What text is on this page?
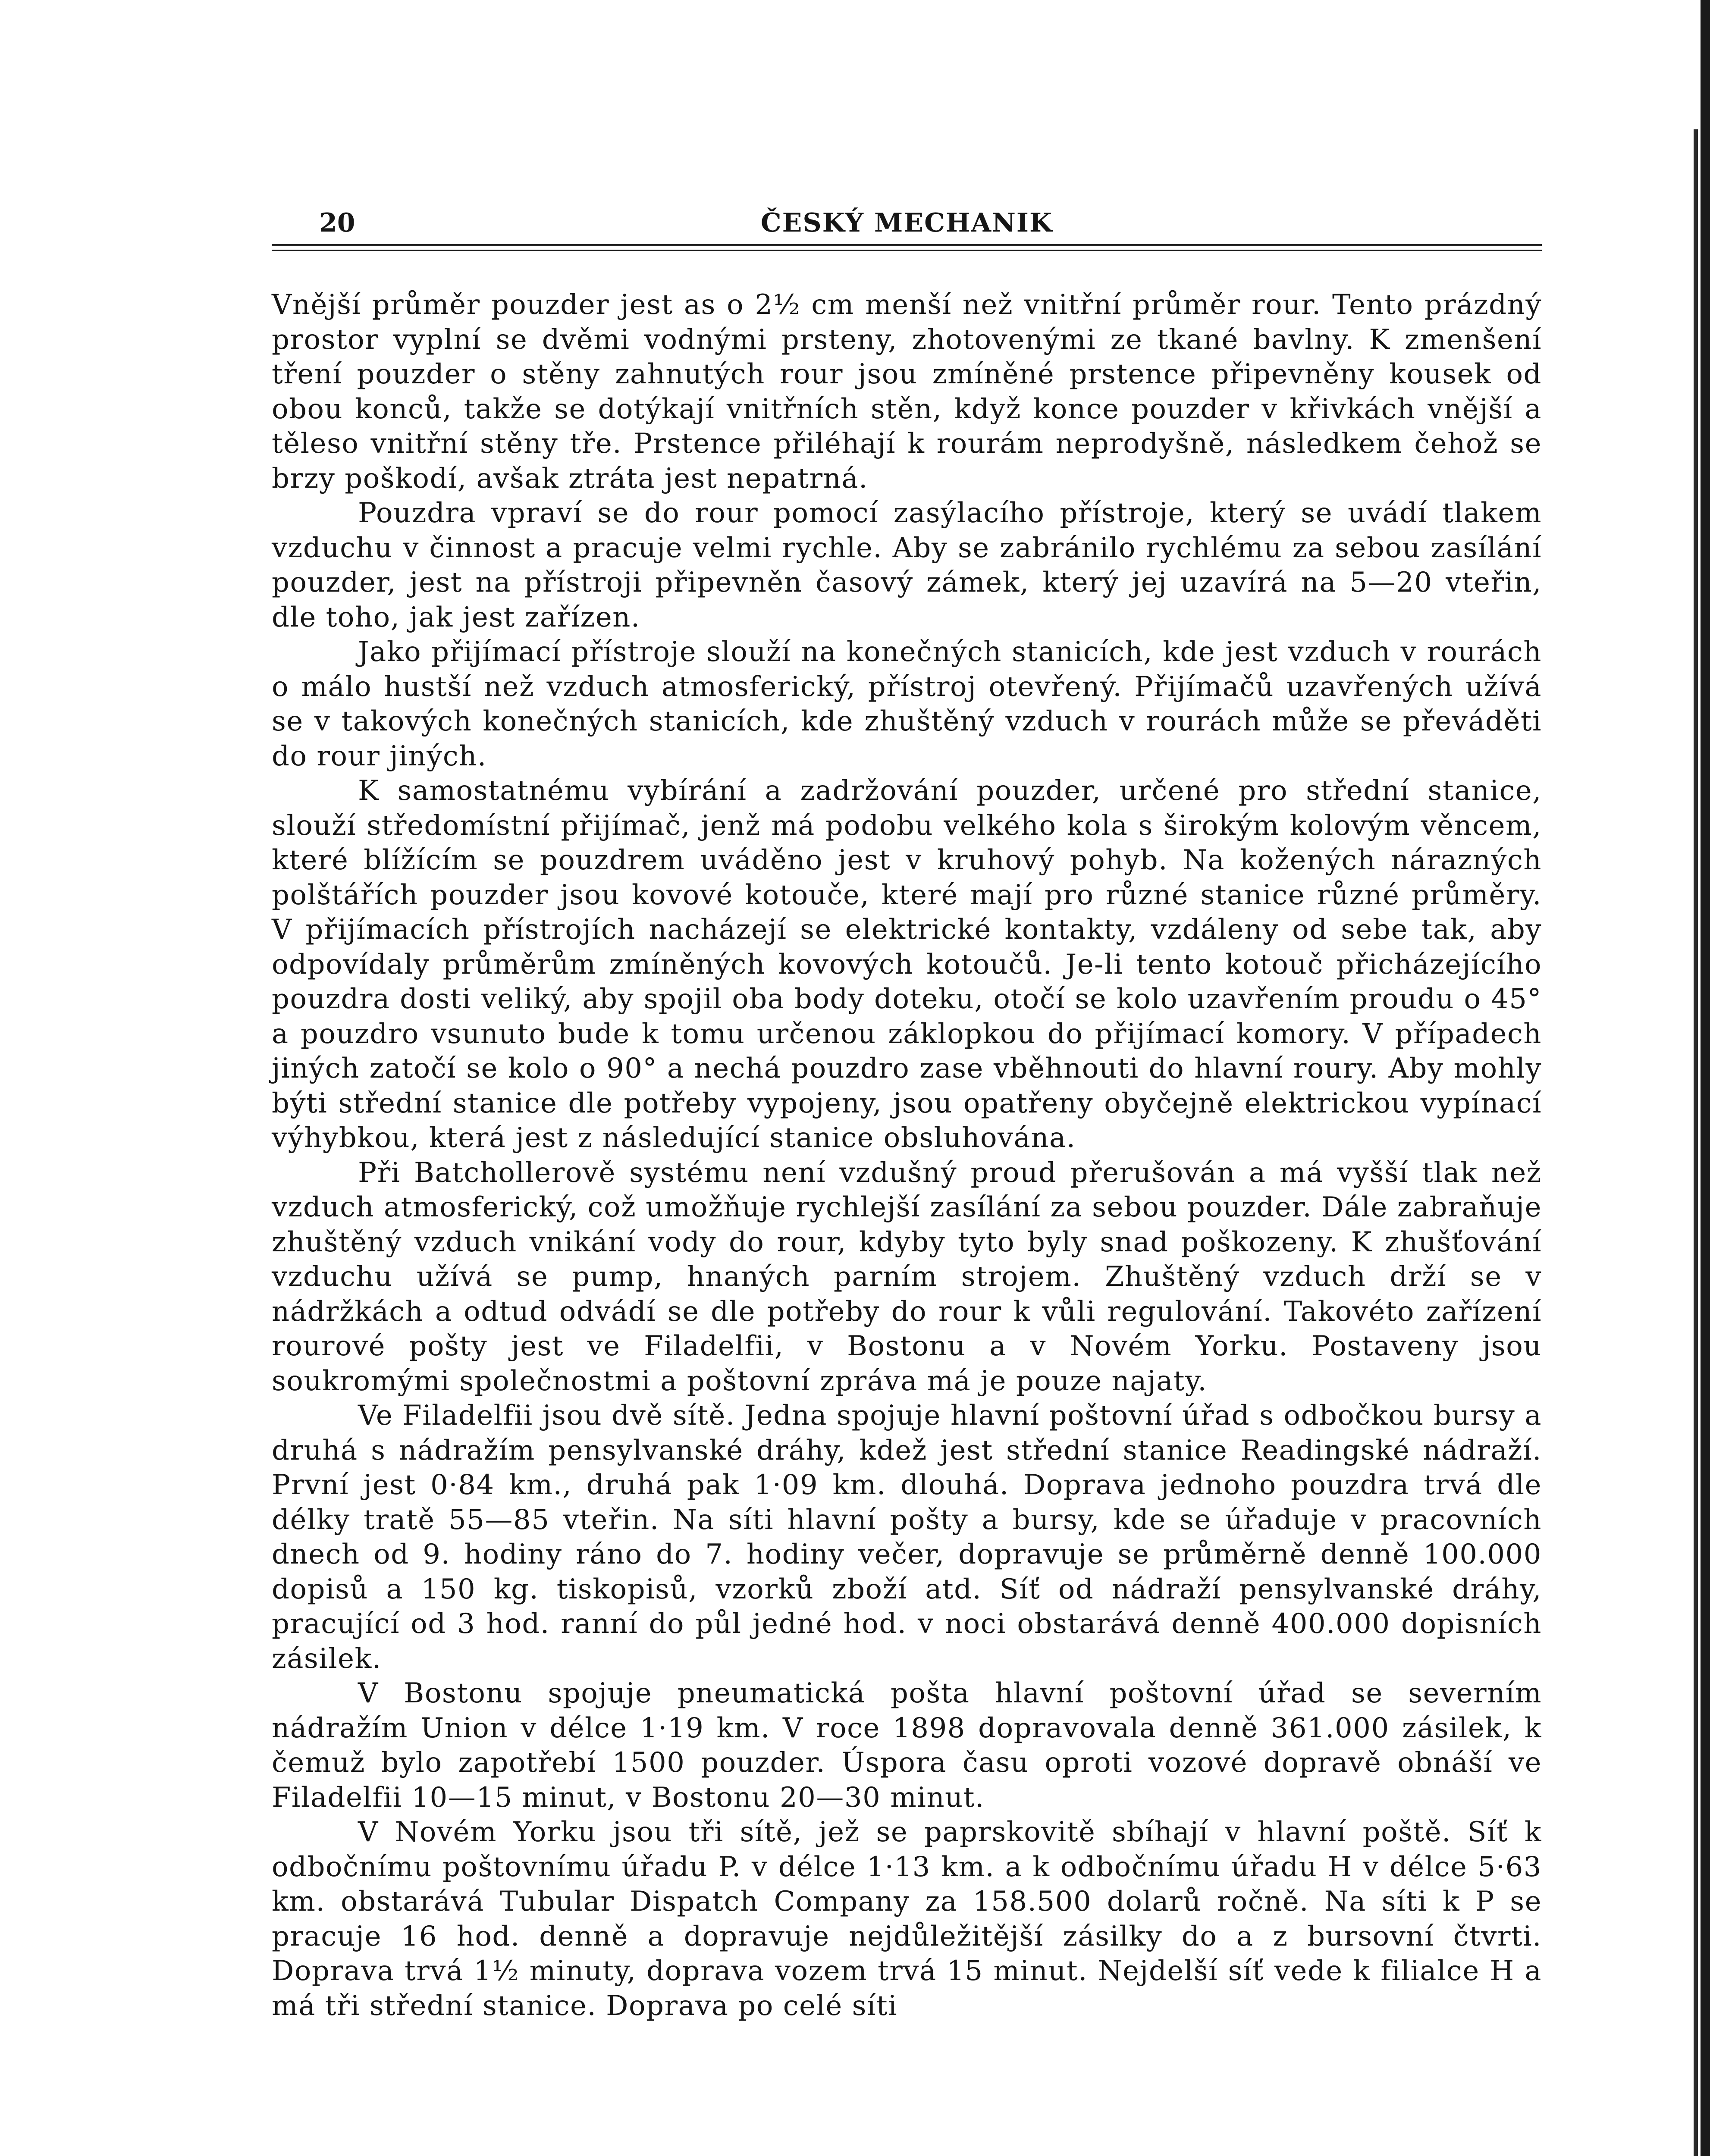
20	ČESKÝ MECHANIK

Vnější průměr pouzder jest as o 2½ cm menší než vnitřní průměr rour. Tento prázdný prostor vyplní se dvěmi vodnými prsteny, zhotovenými ze tkané bavlny. K zmenšení tření pouzder o stěny zahnutých rour jsou zmíněné prstence připevněny kousek od obou konců, takže se dotýkají vnitřních stěn, když konce pouzder v křivkách vnější a těleso vnitřní stěny tře. Prstence přiléhají k rourám neprodyšně, následkem čehož se brzy poškodí, avšak ztráta jest nepatrná.

Pouzdra vpraví se do rour pomocí zasýlacího přístroje, který se uvádí tlakem vzduchu v činnost a pracuje velmi rychle. Aby se zabránilo rychlému za sebou zasílání pouzder, jest na přístroji připevněn časový zámek, který jej uzavírá na 5—20 vteřin, dle toho, jak jest zařízen.

Jako přijímací přístroje slouží na konečných stanicích, kde jest vzduch v rourách o málo hustší než vzduch atmosferický, přístroj otevřený. Přijímačů uzavřených užívá se v takových konečných stanicích, kde zhuštěný vzduch v rourách může se převáděti do rour jiných.

K samostatnému vybírání a zadržování pouzder, určené pro střední stanice, slouží středomístní přijímač, jenž má podobu velkého kola s širokým kolovým věncem, které blížícím se pouzdrem uváděno jest v kruhový pohyb. Na kožených nárazných polštářích pouzder jsou kovové kotouče, které mají pro různé stanice různé průměry. V přijímacích přístrojích nacházejí se elektrické kontakty, vzdáleny od sebe tak, aby odpovídaly průměrům zmíněných kovových kotoučů. Je-li tento kotouč přicházejícího pouzdra dosti veliký, aby spojil oba body doteku, otočí se kolo uzavřením proudu o 45° a pouzdro vsunuto bude k tomu určenou záklopkou do přijímací komory. V případech jiných zatočí se kolo o 90° a nechá pouzdro zase vběhnouti do hlavní roury. Aby mohly býti střední stanice dle potřeby vypojeny, jsou opatřeny obyčejně elektrickou vypínací výhybkou, která jest z následující stanice obsluhována.

Při Batchollerově systému není vzdušný proud přerušován a má vyšší tlak než vzduch atmosferický, což umožňuje rychlejší zasílání za sebou pouzder. Dále zabraňuje zhuštěný vzduch vnikání vody do rour, kdyby tyto byly snad poškozeny. K zhušťování vzduchu užívá se pump, hnaných parním strojem. Zhuštěný vzduch drží se v nádržkách a odtud odvádí se dle potřeby do rour k vůli regulování. Takovéto zařízení rourové pošty jest ve Filadelfii, v Bostonu a v Novém Yorku. Postaveny jsou soukromými společnostmi a poštovní zpráva má je pouze najaty.

Ve Filadelfii jsou dvě sítě. Jedna spojuje hlavní poštovní úřad s odbočkou bursy a druhá s nádražím pensylvanské dráhy, kdež jest střední stanice Readingské nádraží. První jest 0·84 km., druhá pak 1·09 km. dlouhá. Doprava jednoho pouzdra trvá dle délky tratě 55—85 vteřin. Na síti hlavní pošty a bursy, kde se úřaduje v pracovních dnech od 9. hodiny ráno do 7. hodiny večer, dopravuje se průměrně denně 100.000 dopisů a 150 kg. tiskopisů, vzorků zboží atd. Síť od nádraží pensylvanské dráhy, pracující od 3 hod. ranní do půl jedné hod. v noci obstarává denně 400.000 dopisních zásilek.

V Bostonu spojuje pneumatická pošta hlavní poštovní úřad se severním nádražím Union v délce 1·19 km. V roce 1898 dopravovala denně 361.000 zásilek, k čemuž bylo zapotřebí 1500 pouzder. Úspora času oproti vozové dopravě obnáší ve Filadelfii 10—15 minut, v Bostonu 20—30 minut.

V Novém Yorku jsou tři sítě, jež se paprskovitě sbíhají v hlavní poště. Síť k odbočnímu poštovnímu úřadu P. v délce 1·13 km. a k odbočnímu úřadu H v délce 5·63 km. obstarává Tubular Dispatch Company za 158.500 dolarů ročně. Na síti k P se pracuje 16 hod. denně a dopravuje nejdůležitější zásilky do a z bursovní čtvrti. Doprava trvá 1½ minuty, doprava vozem trvá 15 minut. Nejdelší síť vede k filialce H a má tři střední stanice. Doprava po celé síti
